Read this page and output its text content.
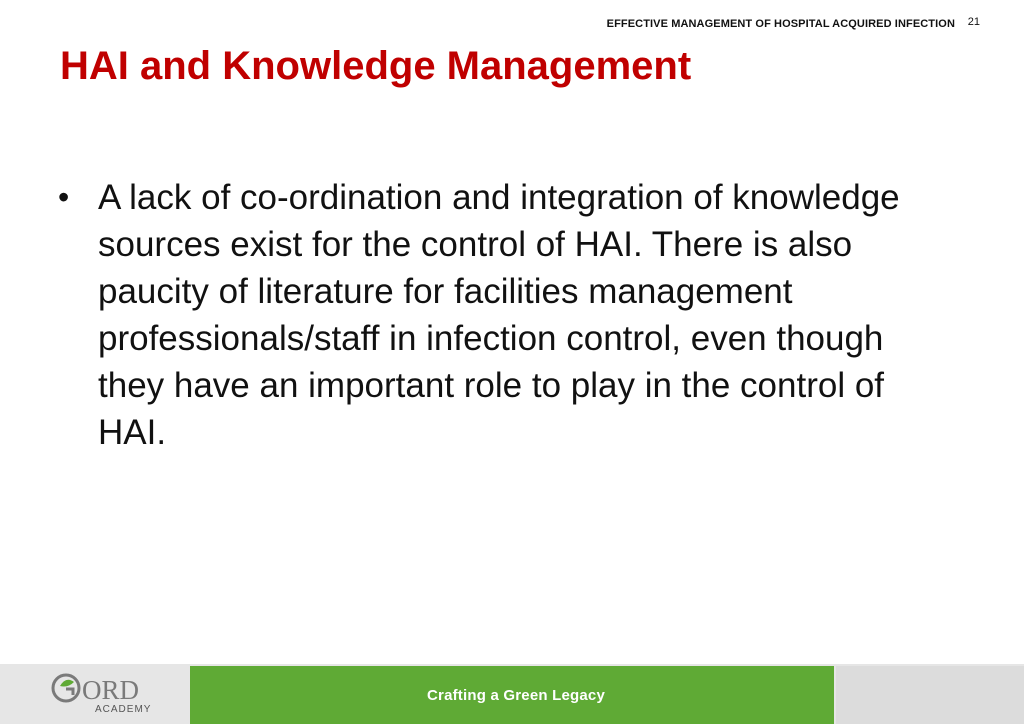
EFFECTIVE MANAGEMENT OF HOSPITAL ACQUIRED INFECTION 21
HAI and Knowledge Management
• A lack of co-ordination and integration of knowledge sources exist for the control of HAI. There is also paucity of literature for facilities management professionals/staff in infection control, even though they have an important role to play in the control of HAI.
ORD
ACADEMY
Crafting a Green Legacy
